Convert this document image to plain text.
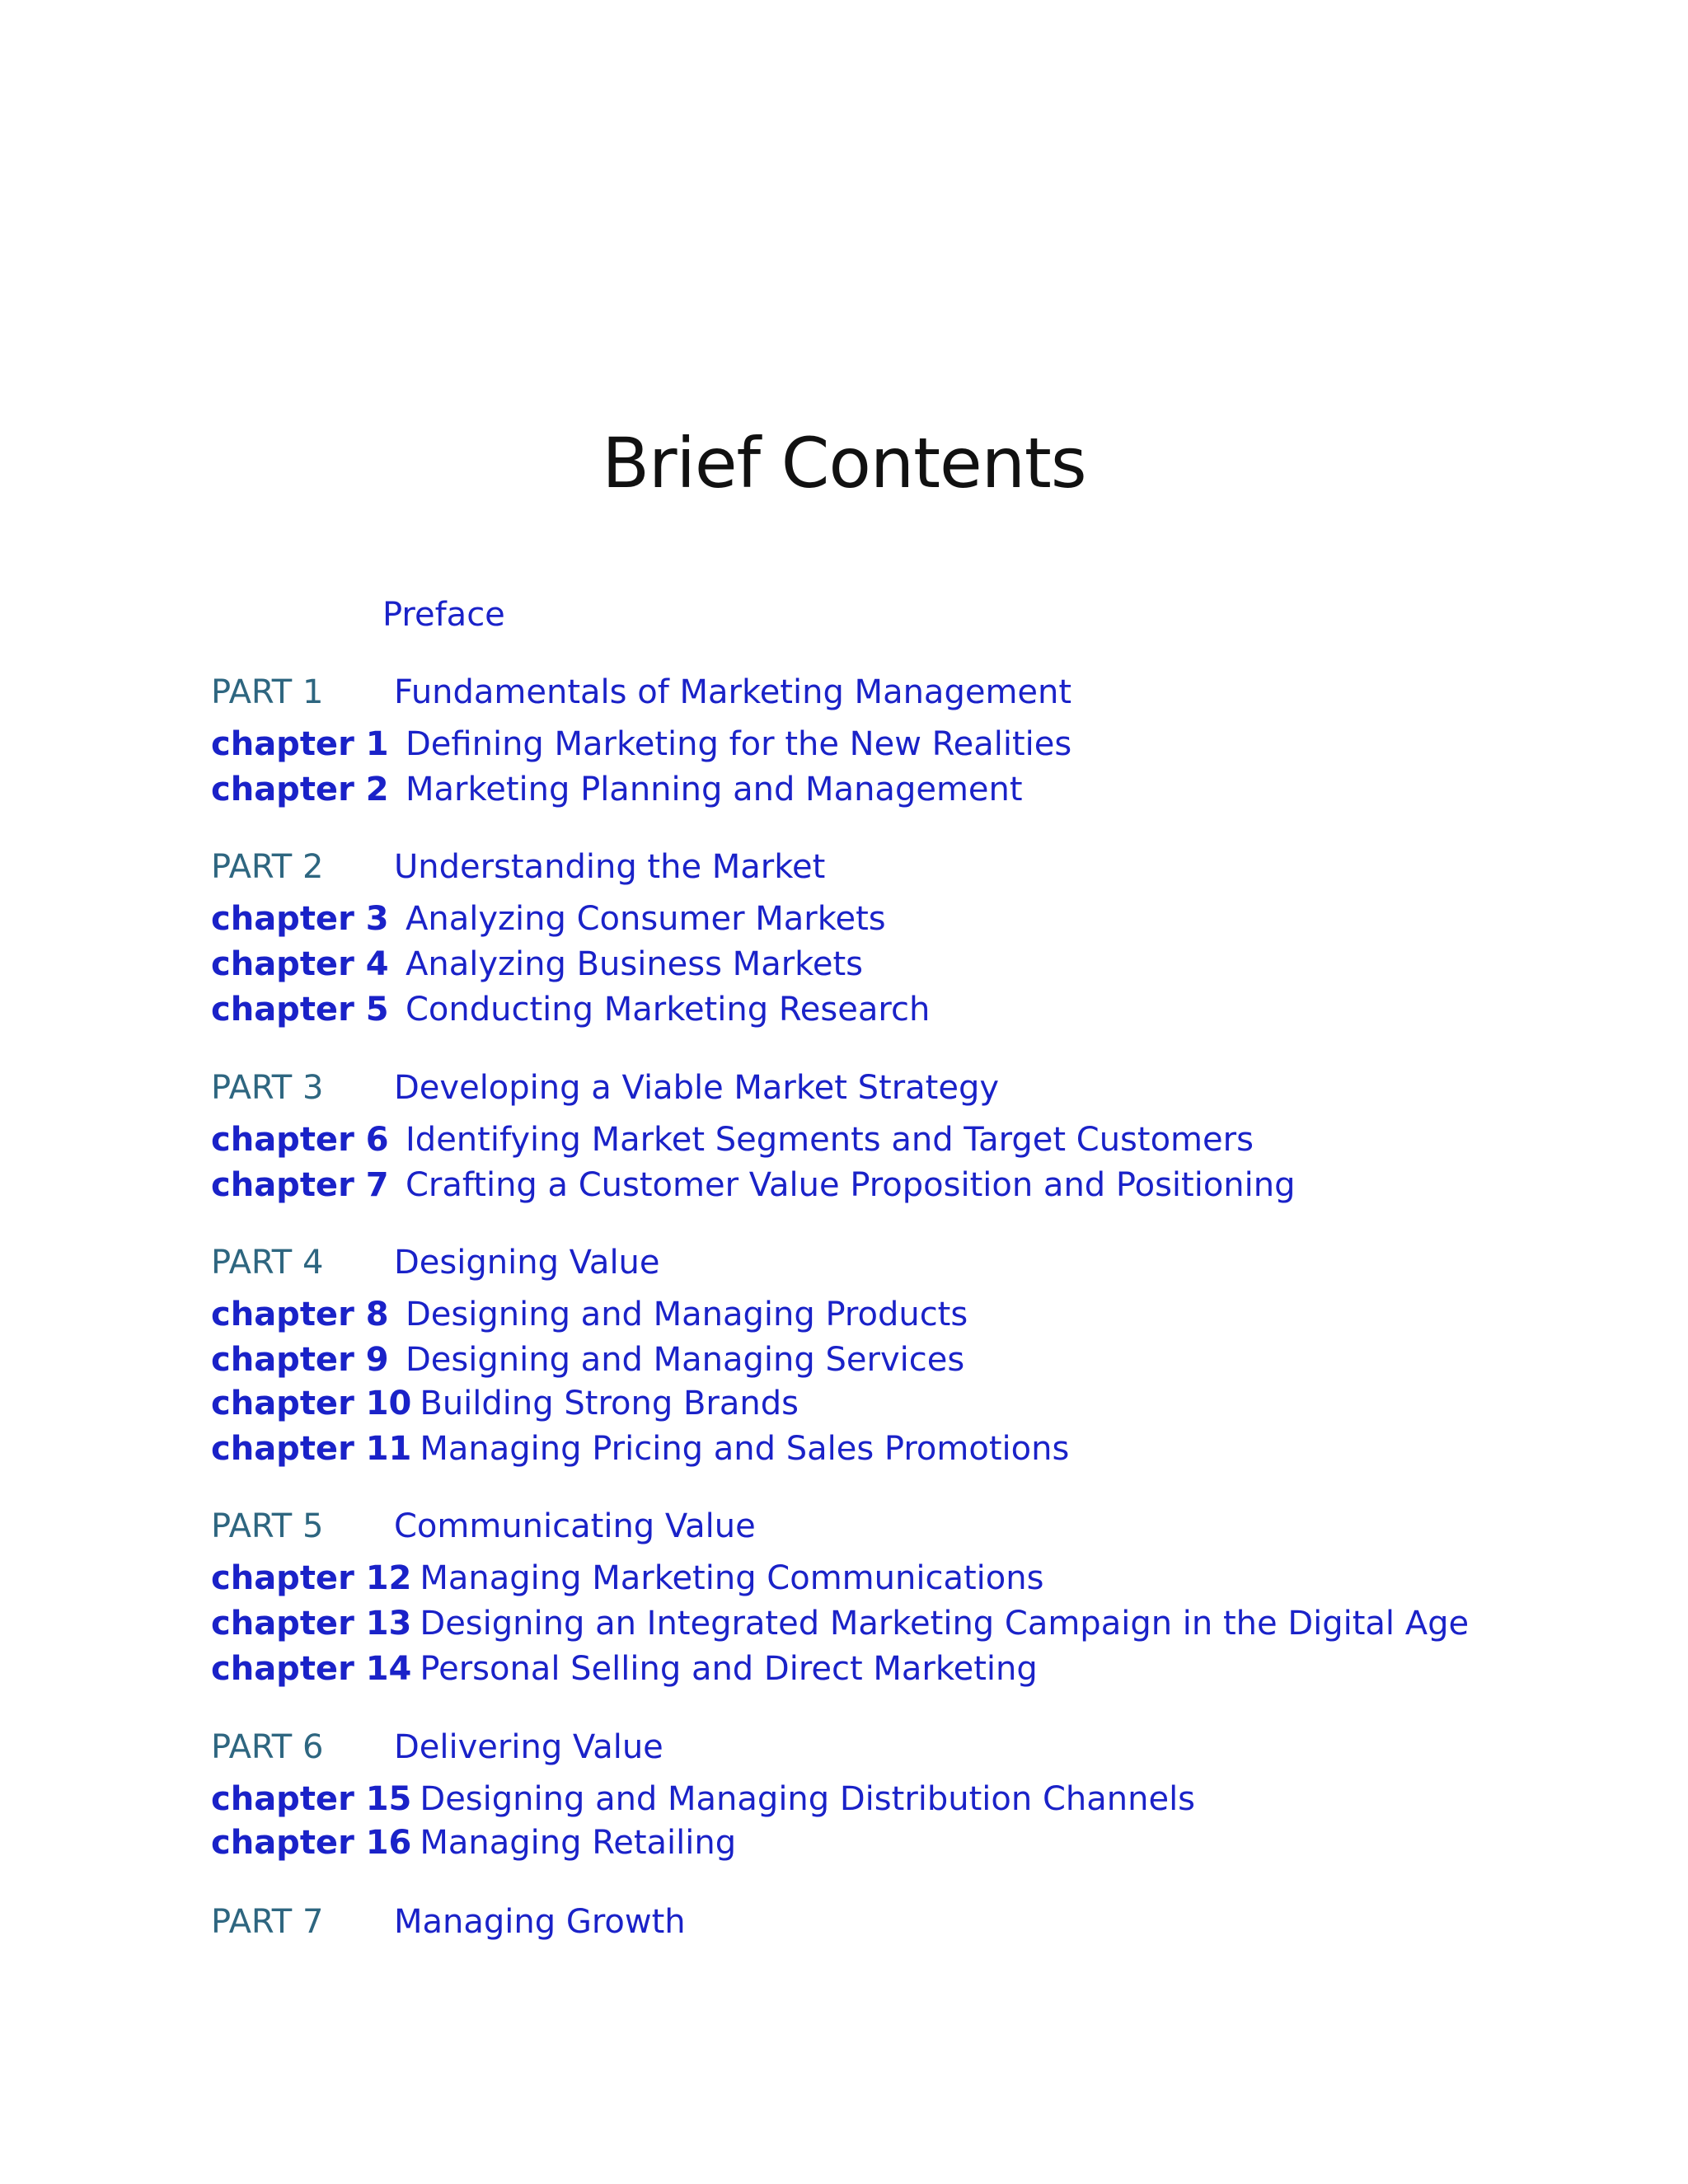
Brief Contents
Preface
PART 1 Fundamentals of Marketing Management
chapter 1 Defining Marketing for the New Realities
chapter 2 Marketing Planning and Management
PART 2 Understanding the Market
chapter 3 Analyzing Consumer Markets
chapter 4 Analyzing Business Markets
chapter 5 Conducting Marketing Research
PART 3 Developing a Viable Market Strategy
chapter 6 Identifying Market Segments and Target Customers
chapter 7 Crafting a Customer Value Proposition and Positioning
PART 4 Designing Value
chapter 8 Designing and Managing Products
chapter 9 Designing and Managing Services
chapter 10 Building Strong Brands
chapter 11 Managing Pricing and Sales Promotions
PART 5 Communicating Value
chapter 12 Managing Marketing Communications
chapter 13 Designing an Integrated Marketing Campaign in the Digital Age
chapter 14 Personal Selling and Direct Marketing
PART 6 Delivering Value
chapter 15 Designing and Managing Distribution Channels
chapter 16 Managing Retailing
PART 7 Managing Growth
